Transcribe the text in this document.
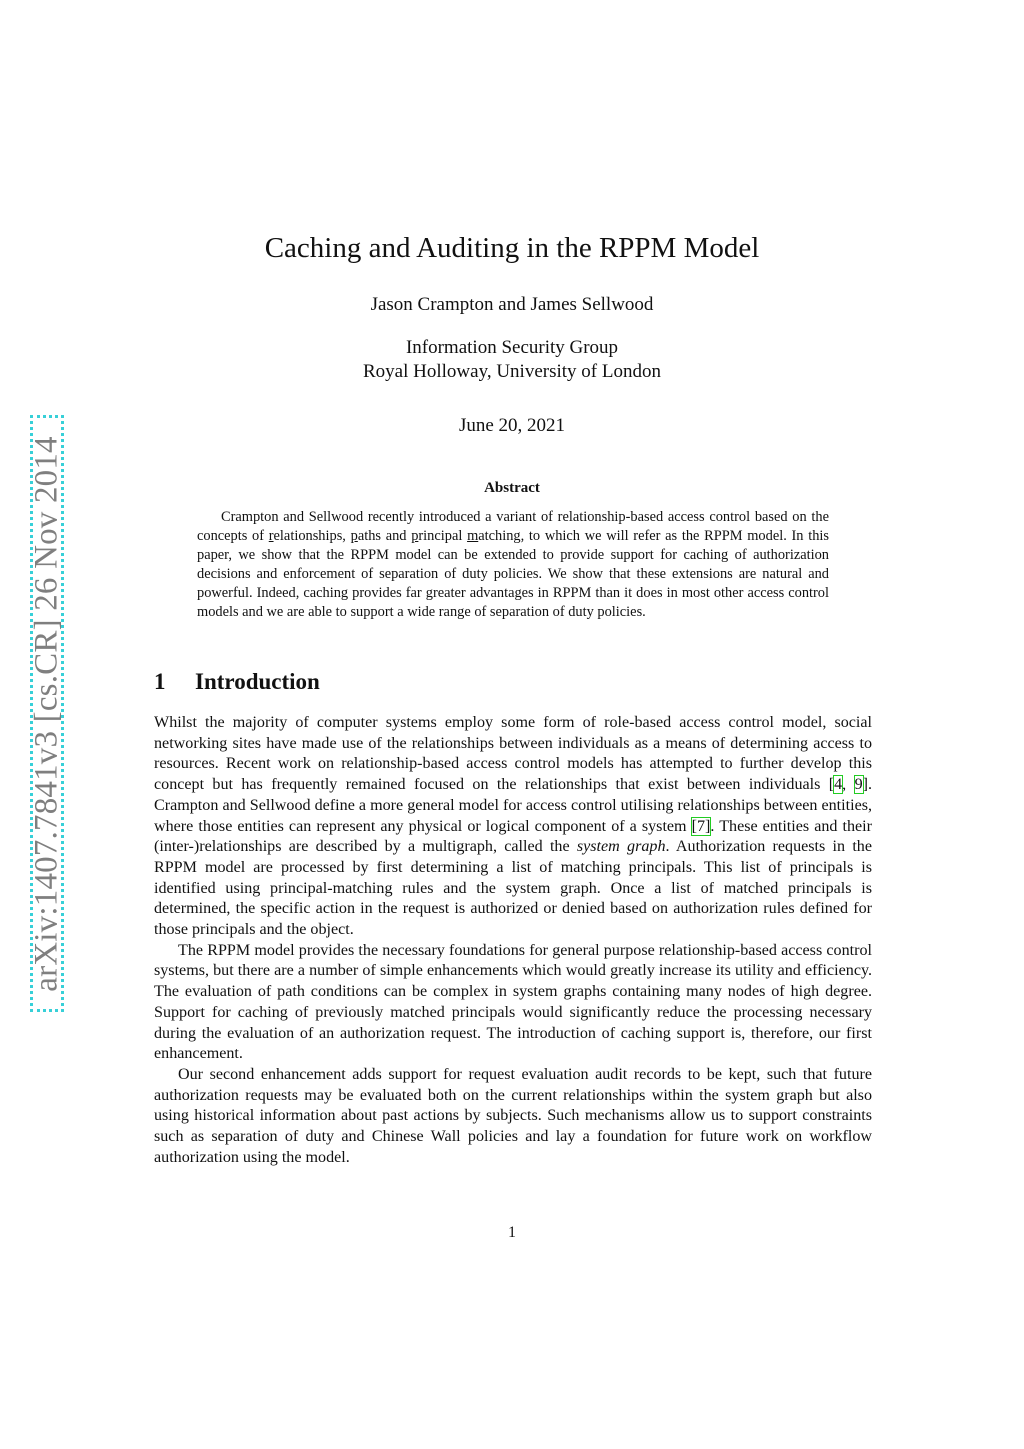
arXiv:1407.7841v3 [cs.CR] 26 Nov 2014
Caching and Auditing in the RPPM Model
Jason Crampton and James Sellwood
Information Security Group
Royal Holloway, University of London
June 20, 2021
Abstract

Crampton and Sellwood recently introduced a variant of relationship-based access control based on the concepts of relationships, paths and principal matching, to which we will refer as the RPPM model. In this paper, we show that the RPPM model can be extended to provide support for caching of authorization decisions and enforcement of separation of duty policies. We show that these extensions are natural and powerful. Indeed, caching provides far greater advantages in RPPM than it does in most other access control models and we are able to support a wide range of separation of duty policies.

1 Introduction

Whilst the majority of computer systems employ some form of role-based access control model, social networking sites have made use of the relationships between individuals as a means of determining access to resources. Recent work on relationship-based access control models has attempted to further develop this concept but has frequently remained focused on the relationships that exist between individuals [4, 9]. Crampton and Sellwood define a more general model for access control utilising relationships between entities, where those entities can represent any physical or logical component of a system [7]. These entities and their (inter-)relationships are described by a multigraph, called the system graph. Authorization requests in the RPPM model are processed by first determining a list of matching principals. This list of principals is identified using principal-matching rules and the system graph. Once a list of matched principals is determined, the specific action in the request is authorized or denied based on authorization rules defined for those principals and the object.

The RPPM model provides the necessary foundations for general purpose relationship-based access control systems, but there are a number of simple enhancements which would greatly increase its utility and efficiency. The evaluation of path conditions can be complex in system graphs containing many nodes of high degree. Support for caching of previously matched principals would significantly reduce the processing necessary during the evaluation of an authorization request. The introduction of caching support is, therefore, our first enhancement.

Our second enhancement adds support for request evaluation audit records to be kept, such that future authorization requests may be evaluated both on the current relationships within the system graph but also using historical information about past actions by subjects. Such mechanisms allow us to support constraints such as separation of duty and Chinese Wall policies and lay a foundation for future work on workflow authorization using the model.

1
